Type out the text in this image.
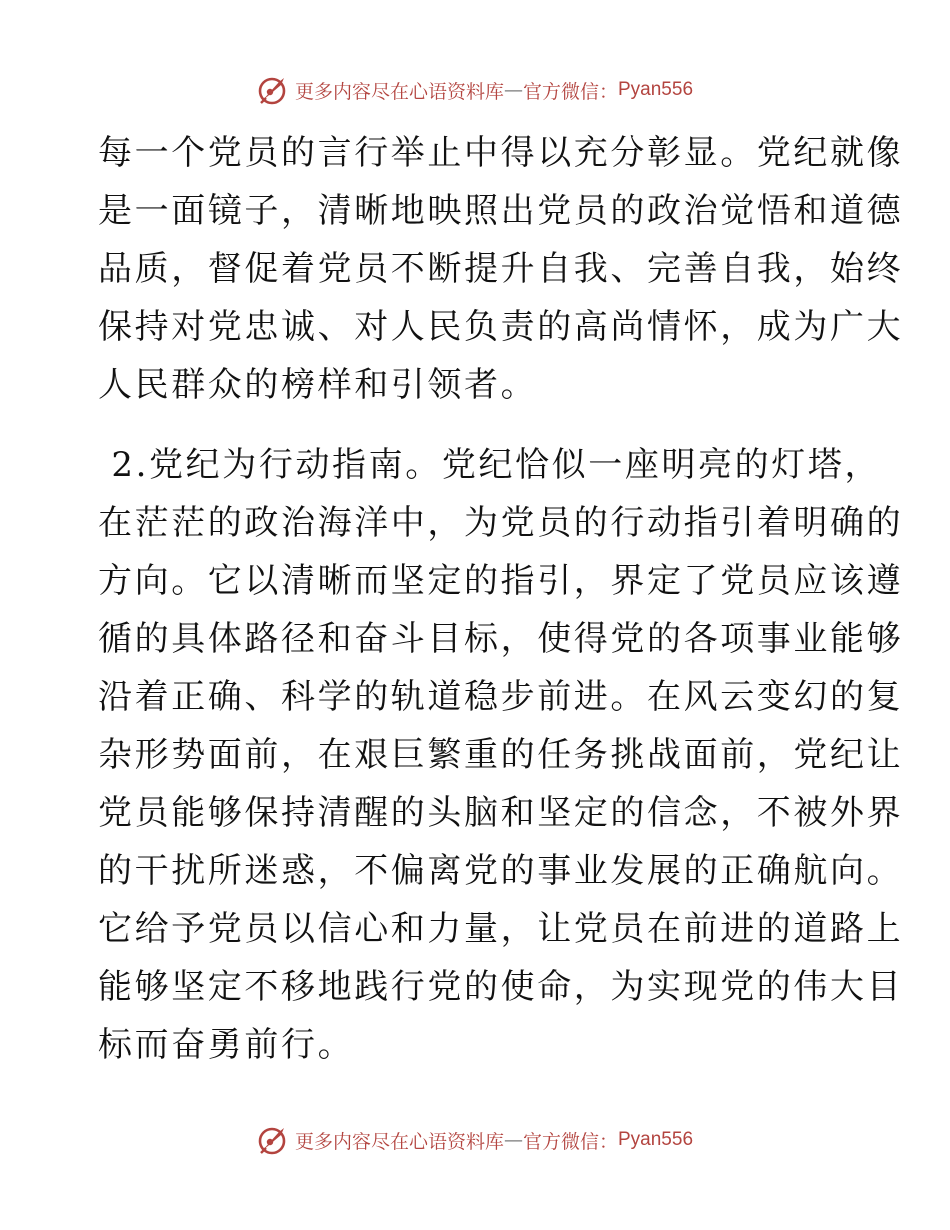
更多内容尽在心语资料库 — 官方微信： Pyan556

每一个党员的言行举止中得以充分彰显。党纪就像
是一面镜子，清晰地映照出党员的政治觉悟和道德
品质，督促着党员不断提升自我、完善自我，始终
保持对党忠诚、对人民负责的高尚情怀，成为广大
人民群众的榜样和引领者。

2.党纪为行动指南。党纪恰似一座明亮的灯塔，
在茫茫的政治海洋中，为党员的行动指引着明确的
方向。它以清晰而坚定的指引，界定了党员应该遵
循的具体路径和奋斗目标，使得党的各项事业能够
沿着正确、科学的轨道稳步前进。在风云变幻的复
杂形势面前，在艰巨繁重的任务挑战面前，党纪让
党员能够保持清醒的头脑和坚定的信念，不被外界
的干扰所迷惑，不偏离党的事业发展的正确航向。
它给予党员以信心和力量，让党员在前进的道路上
能够坚定不移地践行党的使命，为实现党的伟大目
标而奋勇前行。

更多内容尽在心语资料库 — 官方微信： Pyan556
